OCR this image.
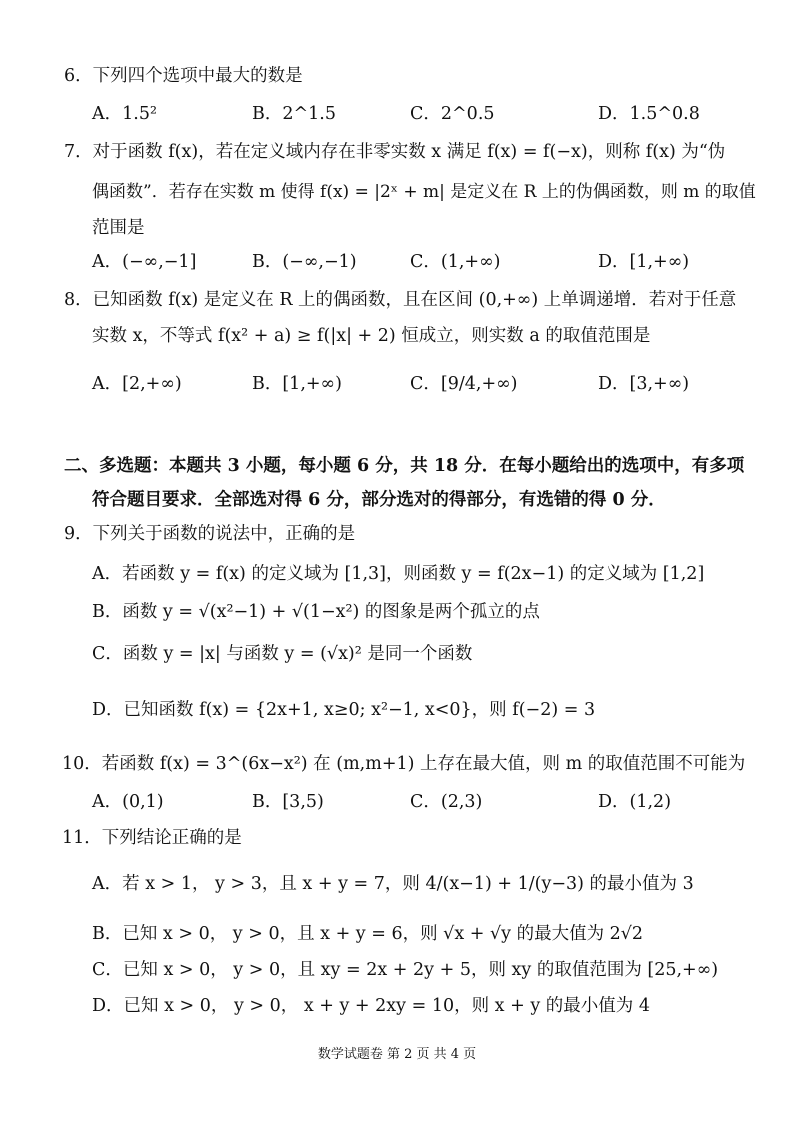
6．下列四个选项中最大的数是
A．1.5²	B．2^1.5	C．2^0.5	D．1.5^0.8
7．对于函数 f(x)，若在定义域内存在非零实数 x 满足 f(x) = f(−x)，则称 f(x) 为“伪
偶函数”．若存在实数 m 使得 f(x) = |2ˣ + m| 是定义在 R 上的伪偶函数，则 m 的取值
范围是
A．(−∞,−1]	B．(−∞,−1)	C．(1,+∞)	D．[1,+∞)
8．已知函数 f(x) 是定义在 R 上的偶函数，且在区间 (0,+∞) 上单调递增．若对于任意
实数 x，不等式 f(x² + a) ≥ f(|x| + 2) 恒成立，则实数 a 的取值范围是
A．[2,+∞)	B．[1,+∞)	C．[9/4,+∞)	D．[3,+∞)
二、多选题：本题共 3 小题，每小题 6 分，共 18 分．在每小题给出的选项中，有多项
符合题目要求．全部选对得 6 分，部分选对的得部分，有选错的得 0 分．
9．下列关于函数的说法中，正确的是
A．若函数 y = f(x) 的定义域为 [1,3]，则函数 y = f(2x−1) 的定义域为 [1,2]
B．函数 y = √(x²−1) + √(1−x²) 的图象是两个孤立的点
C．函数 y = |x| 与函数 y = (√x)² 是同一个函数
D．已知函数 f(x) = {2x+1, x≥0; x²−1, x<0}，则 f(−2) = 3
10．若函数 f(x) = 3^(6x−x²) 在 (m,m+1) 上存在最大值，则 m 的取值范围不可能为
A．(0,1)	B．[3,5)	C．(2,3)	D．(1,2)
11．下列结论正确的是
A．若 x > 1， y > 3，且 x + y = 7，则 4/(x−1) + 1/(y−3) 的最小值为 3
B．已知 x > 0， y > 0，且 x + y = 6，则 √x + √y 的最大值为 2√2
C．已知 x > 0， y > 0，且 xy = 2x + 2y + 5，则 xy 的取值范围为 [25,+∞)
D．已知 x > 0， y > 0， x + y + 2xy = 10，则 x + y 的最小值为 4
数学试题卷 第 2 页 共 4 页
